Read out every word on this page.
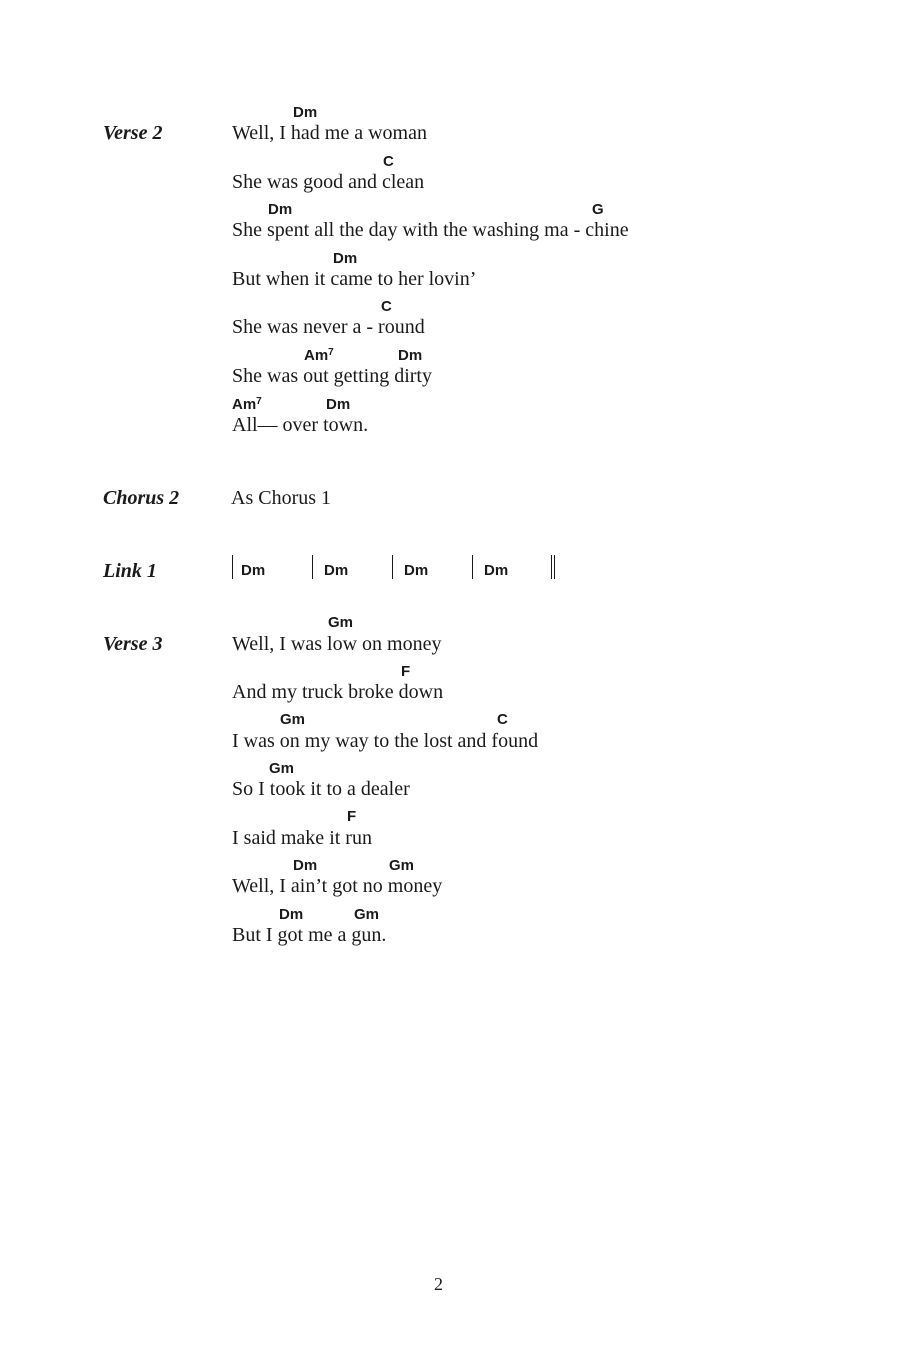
Verse 2
Dm
Well, I had me a woman
C
She was good and clean
Dm	G
She spent all the day with the washing ma - chine
Dm
But when it came to her lovin’
C
She was never a - round
Am$^7$	Dm
She was out getting dirty
Am$^7$	Dm
All— over town.
Chorus 2	As Chorus 1
Link 1	Dm	Dm	Dm	Dm
Verse 3
Gm
Well, I was low on money
F
And my truck broke down
Gm	C
I was on my way to the lost and found
Gm
So I took it to a dealer
F
I said make it run
Dm	Gm
Well, I ain’t got no money
Dm	Gm
But I got me a gun.
2
